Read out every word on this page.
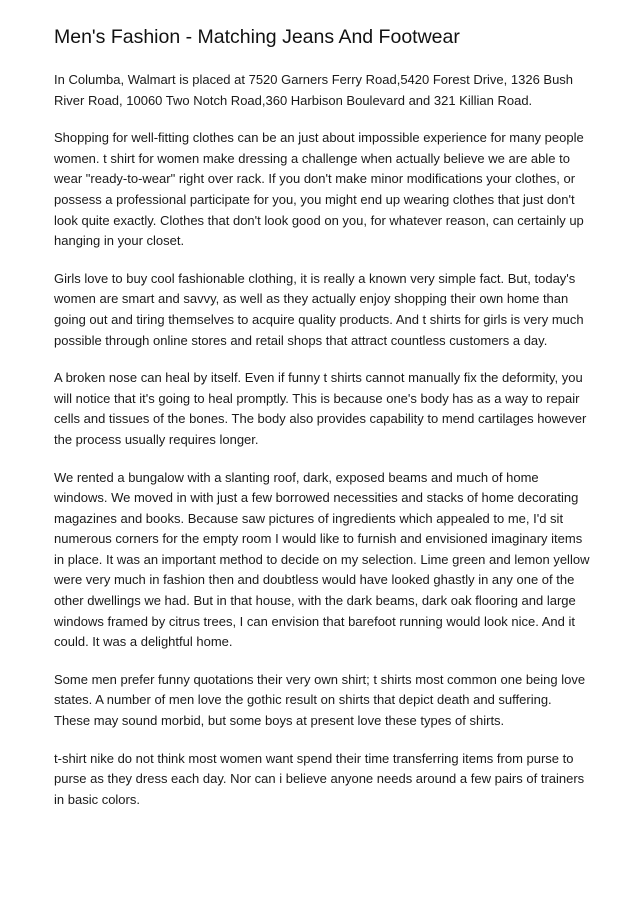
Men's Fashion - Matching Jeans And Footwear

In Columba, Walmart is placed at 7520 Garners Ferry Road,5420 Forest Drive, 1326 Bush
River Road, 10060 Two Notch Road,360 Harbison Boulevard and 321 Killian Road.

Shopping for well-fitting clothes can be an just about impossible experience for many people
women. t shirt for women make dressing a challenge when actually believe we are able to
wear "ready-to-wear" right over rack. If you don't make minor modifications your clothes, or
possess a professional participate for you, you might end up wearing clothes that just don't
look quite exactly. Clothes that don't look good on you, for whatever reason, can certainly up
hanging in your closet.

Girls love to buy cool fashionable clothing, it is really a known very simple fact. But, today's
women are smart and savvy, as well as they actually enjoy shopping their own home than
going out and tiring themselves to acquire quality products. And t shirts for girls is very much
possible through online stores and retail shops that attract countless customers a day.

A broken nose can heal by itself. Even if funny t shirts cannot manually fix the deformity, you
will notice that it's going to heal promptly. This is because one's body has as a way to repair
cells and tissues of the bones. The body also provides capability to mend cartilages however
the process usually requires longer.

We rented a bungalow with a slanting roof, dark, exposed beams and much of home
windows. We moved in with just a few borrowed necessities and stacks of home decorating
magazines and books. Because saw pictures of ingredients which appealed to me, I'd sit
numerous corners for the empty room I would like to furnish and envisioned imaginary items
in place. It was an important method to decide on my selection. Lime green and lemon yellow
were very much in fashion then and doubtless would have looked ghastly in any one of the
other dwellings we had. But in that house, with the dark beams, dark oak flooring and large
windows framed by citrus trees, I can envision that barefoot running would look nice. And it
could. It was a delightful home.

Some men prefer funny quotations their very own shirt; t shirts most common one being love
states. A number of men love the gothic result on shirts that depict death and suffering.
These may sound morbid, but some boys at present love these types of shirts.

t-shirt nike do not think most women want spend their time transferring items from purse to
purse as they dress each day. Nor can i believe anyone needs around a few pairs of trainers
in basic colors.
